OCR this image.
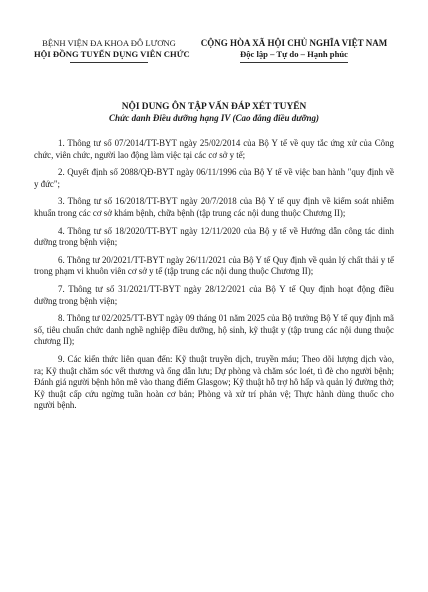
BỆNH VIỆN ĐA KHOA ĐÔ LƯƠNG
HỘI ĐỒNG TUYỂN DỤNG VIÊN CHỨC
CỘNG HÒA XÃ HỘI CHỦ NGHĨA VIỆT NAM
Độc lập – Tự do – Hạnh phúc
NỘI DUNG ÔN TẬP VẤN ĐÁP XÉT TUYỂN
Chức danh Điều dưỡng hạng IV (Cao đẳng điều dưỡng)

1. Thông tư số 07/2014/TT-BYT ngày 25/02/2014 của Bộ Y tế về quy tắc ứng xử của Công chức, viên chức, người lao động làm việc tại các cơ sở y tế;

2. Quyết định số 2088/QĐ-BYT ngày 06/11/1996 của Bộ Y tế về việc ban hành "quy định về y đức";

3. Thông tư số 16/2018/TT-BYT ngày 20/7/2018 của Bộ Y tế quy định về kiểm soát nhiễm khuẩn trong các cơ sở khám bệnh, chữa bệnh (tập trung các nội dung thuộc Chương II);

4. Thông tư số 18/2020/TT-BYT ngày 12/11/2020 của Bộ y tế về Hướng dẫn công tác dinh dưỡng trong bệnh viện;

6. Thông tư 20/2021/TT-BYT ngày 26/11/2021 của Bộ Y tế Quy định về quản lý chất thải y tế trong phạm vi khuôn viên cơ sở y tế (tập trung các nội dung thuộc Chương II);

7. Thông tư số 31/2021/TT-BYT ngày 28/12/2021 của Bộ Y tế Quy định hoạt động điều dưỡng trong bệnh viện;

8. Thông tư 02/2025/TT-BYT ngày 09 tháng 01 năm 2025 của Bộ trưởng Bộ Y tế quy định mã số, tiêu chuẩn chức danh nghề nghiệp điều dưỡng, hộ sinh, kỹ thuật y (tập trung các nội dung thuộc chương II);

9. Các kiến thức liên quan đến: Kỹ thuật truyền dịch, truyền máu; Theo dõi lượng dịch vào, ra; Kỹ thuật chăm sóc vết thương và ống dẫn lưu; Dự phòng và chăm sóc loét, tì đè cho người bệnh; Đánh giá người bệnh hôn mê vào thang điểm Glasgow; Kỹ thuật hỗ trợ hô hấp và quản lý đường thở; Kỹ thuật cấp cứu ngừng tuần hoàn cơ bản; Phòng và xử trí phản vệ; Thực hành dùng thuốc cho người bệnh.
